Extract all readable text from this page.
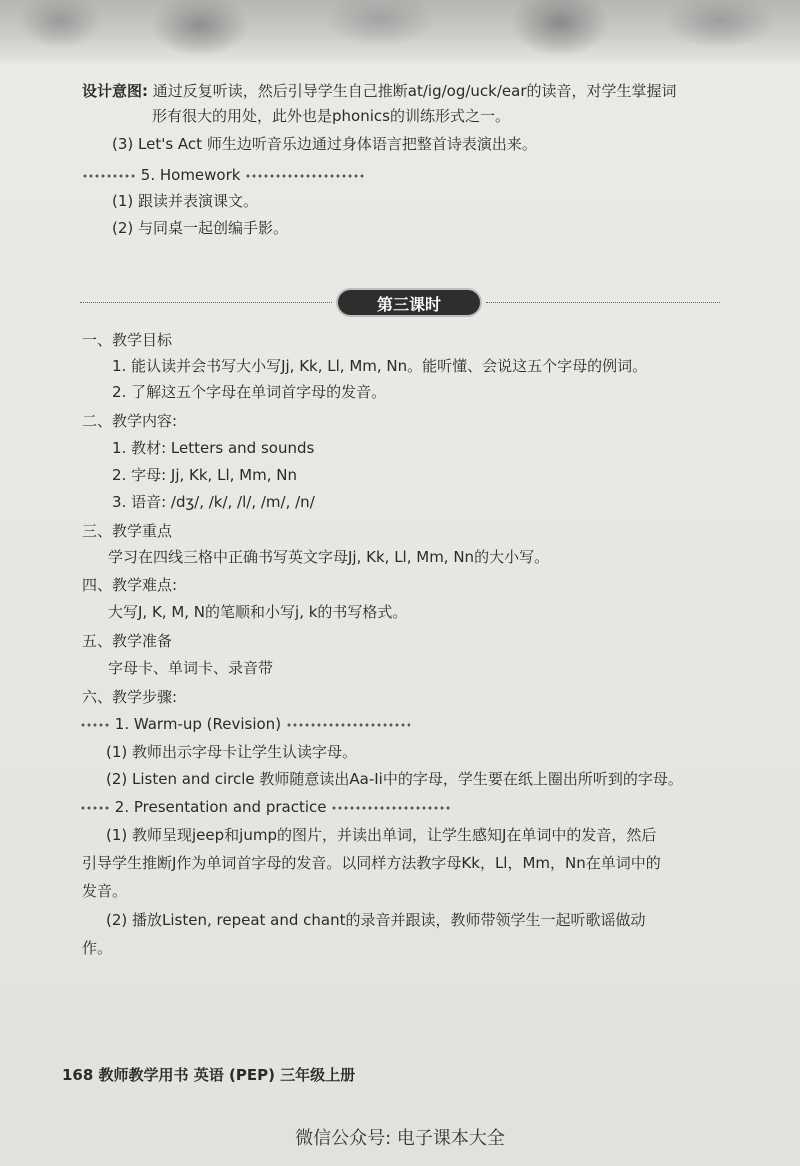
设计意图: 通过反复听读，然后引导学生自己推断at/ig/og/uck/ear的读音，对学生掌握词
形有很大的用处，此外也是phonics的训练形式之一。
(3) Let's Act 师生边听音乐边通过身体语言把整首诗表演出来。
5. Homework
(1) 跟读并表演课文。
(2) 与同桌一起创编手影。
第三课时
一、教学目标
1. 能认读并会书写大小写Jj, Kk, Ll, Mm, Nn。能听懂、会说这五个字母的例词。
2. 了解这五个字母在单词首字母的发音。
二、教学内容:
1. 教材: Letters and sounds
2. 字母: Jj, Kk, Ll, Mm, Nn
3. 语音: /dʒ/, /k/, /l/, /m/, /n/
三、教学重点
学习在四线三格中正确书写英文字母Jj, Kk, Ll, Mm, Nn的大小写。
四、教学难点:
大写J, K, M, N的笔顺和小写j, k的书写格式。
五、教学准备
字母卡、单词卡、录音带
六、教学步骤:
1. Warm-up (Revision)
(1) 教师出示字母卡让学生认读字母。
(2) Listen and circle 教师随意读出Aa-Ii中的字母，学生要在纸上圈出所听到的字母。
2. Presentation and practice
(1) 教师呈现jeep和jump的图片，并读出单词，让学生感知J在单词中的发音，然后
引导学生推断J作为单词首字母的发音。以同样方法教字母Kk，Ll，Mm，Nn在单词中的
发音。
(2) 播放Listen, repeat and chant的录音并跟读，教师带领学生一起听歌谣做动
作。
168 教师教学用书 英语 (PEP) 三年级上册
微信公众号: 电子课本大全
